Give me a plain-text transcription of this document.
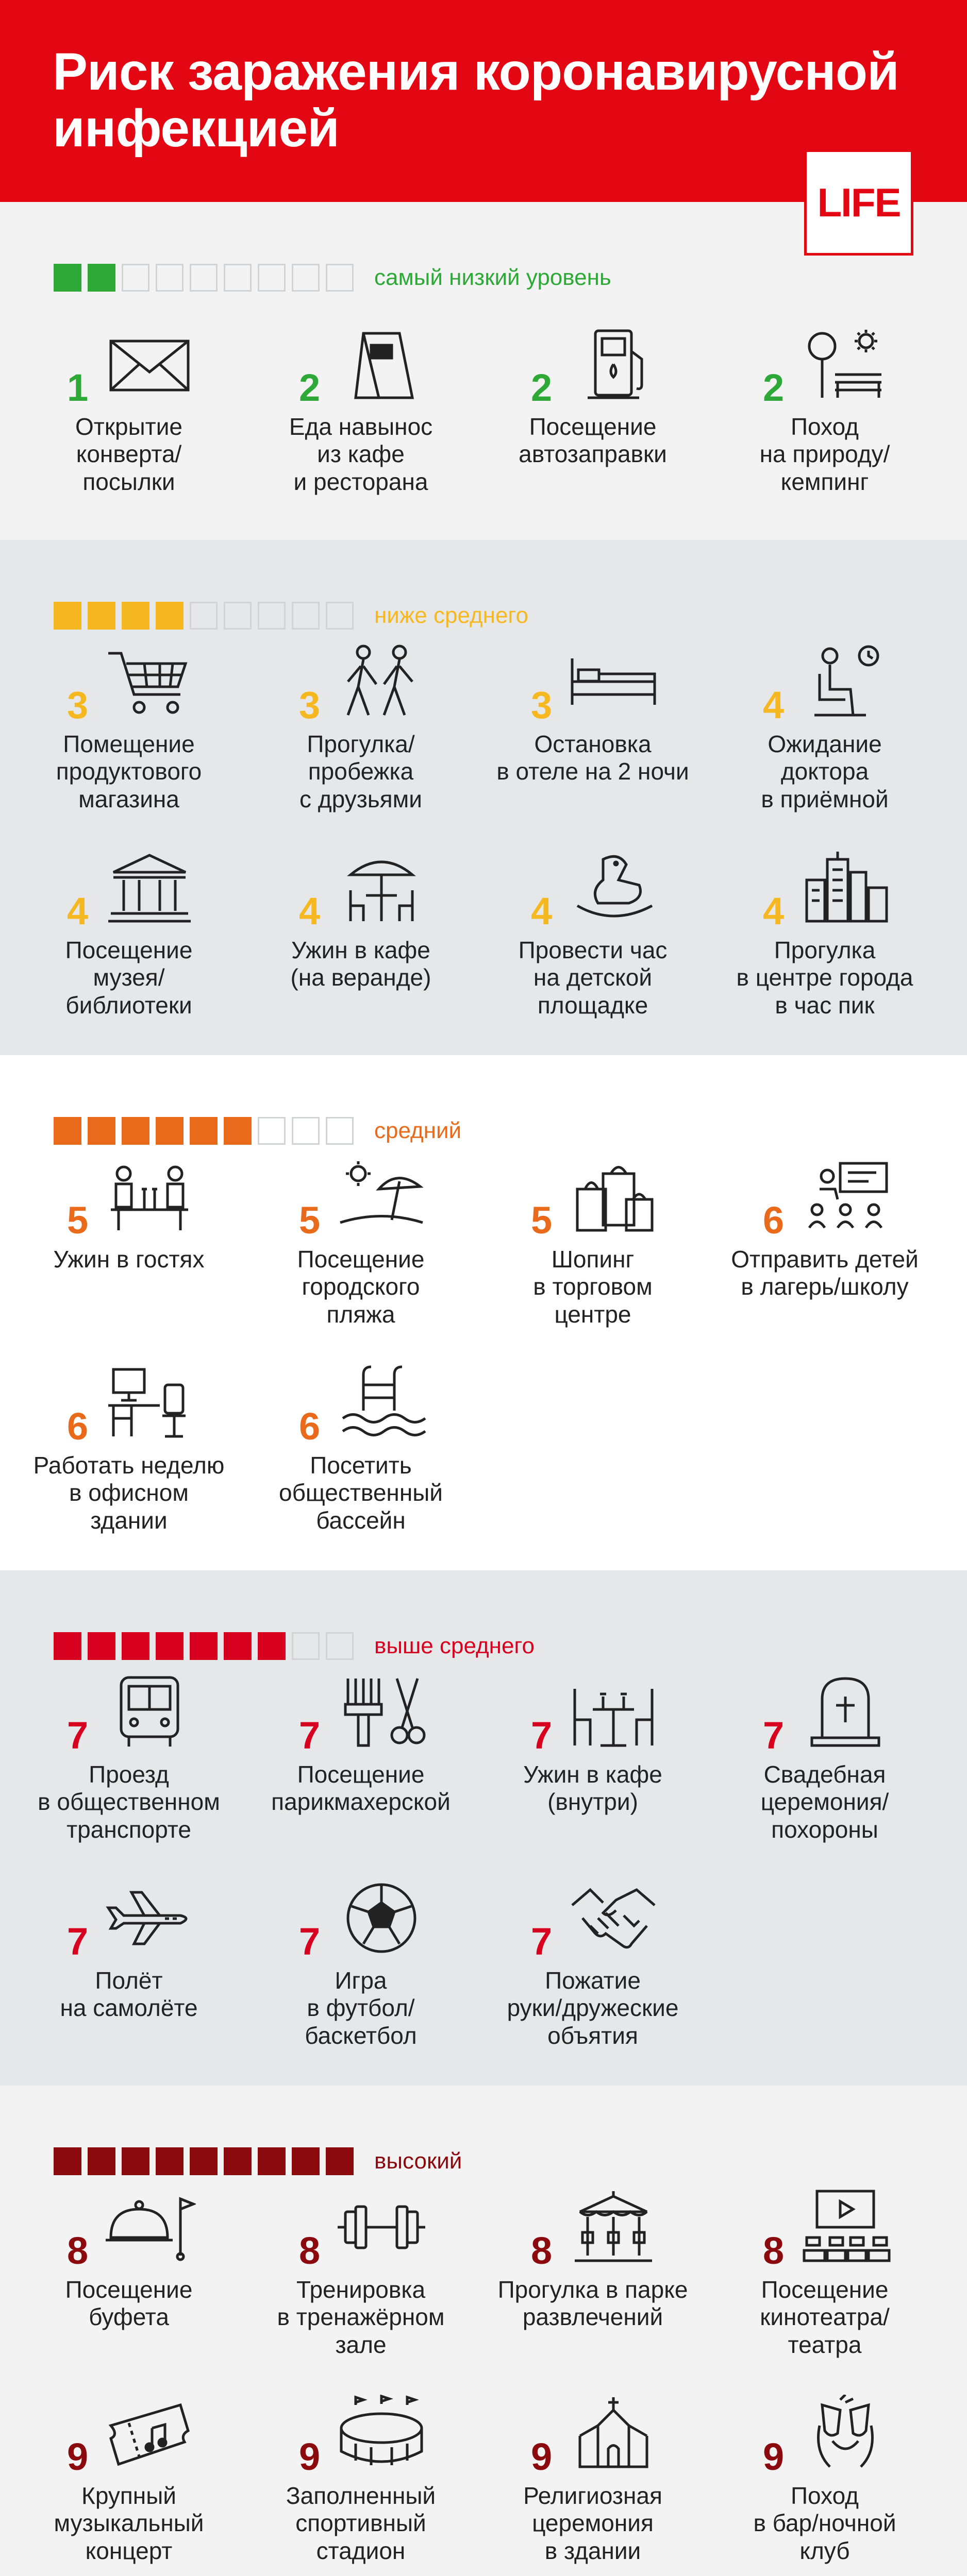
Риск заражения коронавирусной инфекцией
LIFE
самый низкий уровень
1
Открытие
конверта/
посылки
2
Еда навынос
из кафе
и ресторана
2
Посещение
автозаправки
2
Поход
на природу/
кемпинг
ниже среднего
3
Помещение
продуктового
магазина
3
Прогулка/
пробежка
с друзьями
3
Остановка
в отеле на 2 ночи
4
Ожидание
доктора
в приёмной
4
Посещение
музея/
библиотеки
4
Ужин в кафе
(на веранде)
4
Провести час
на детской
площадке
4
Прогулка
в центре города
в час пик
средний
5
Ужин в гостях
5
Посещение
городского
пляжа
5
Шопинг
в торговом
центре
6
Отправить детей
в лагерь/школу
6
Работать неделю
в офисном
здании
6
Посетить
общественный
бассейн
выше среднего
7
Проезд
в общественном
транспорте
7
Посещение
парикмахерской
7
Ужин в кафе
(внутри)
7
Свадебная
церемония/
похороны
7
Полёт
на самолёте
7
Игра
в футбол/
баскетбол
7
Пожатие
руки/дружеские
объятия
высокий
8
Посещение
буфета
8
Тренировка
в тренажёрном
зале
8
Прогулка в парке
развлечений
8
Посещение
кинотеатра/
театра
9
Крупный
музыкальный
концерт
9
Заполненный
спортивный
стадион
9
Религиозная
церемония
в здании
9
Поход
в бар/ночной
клуб
